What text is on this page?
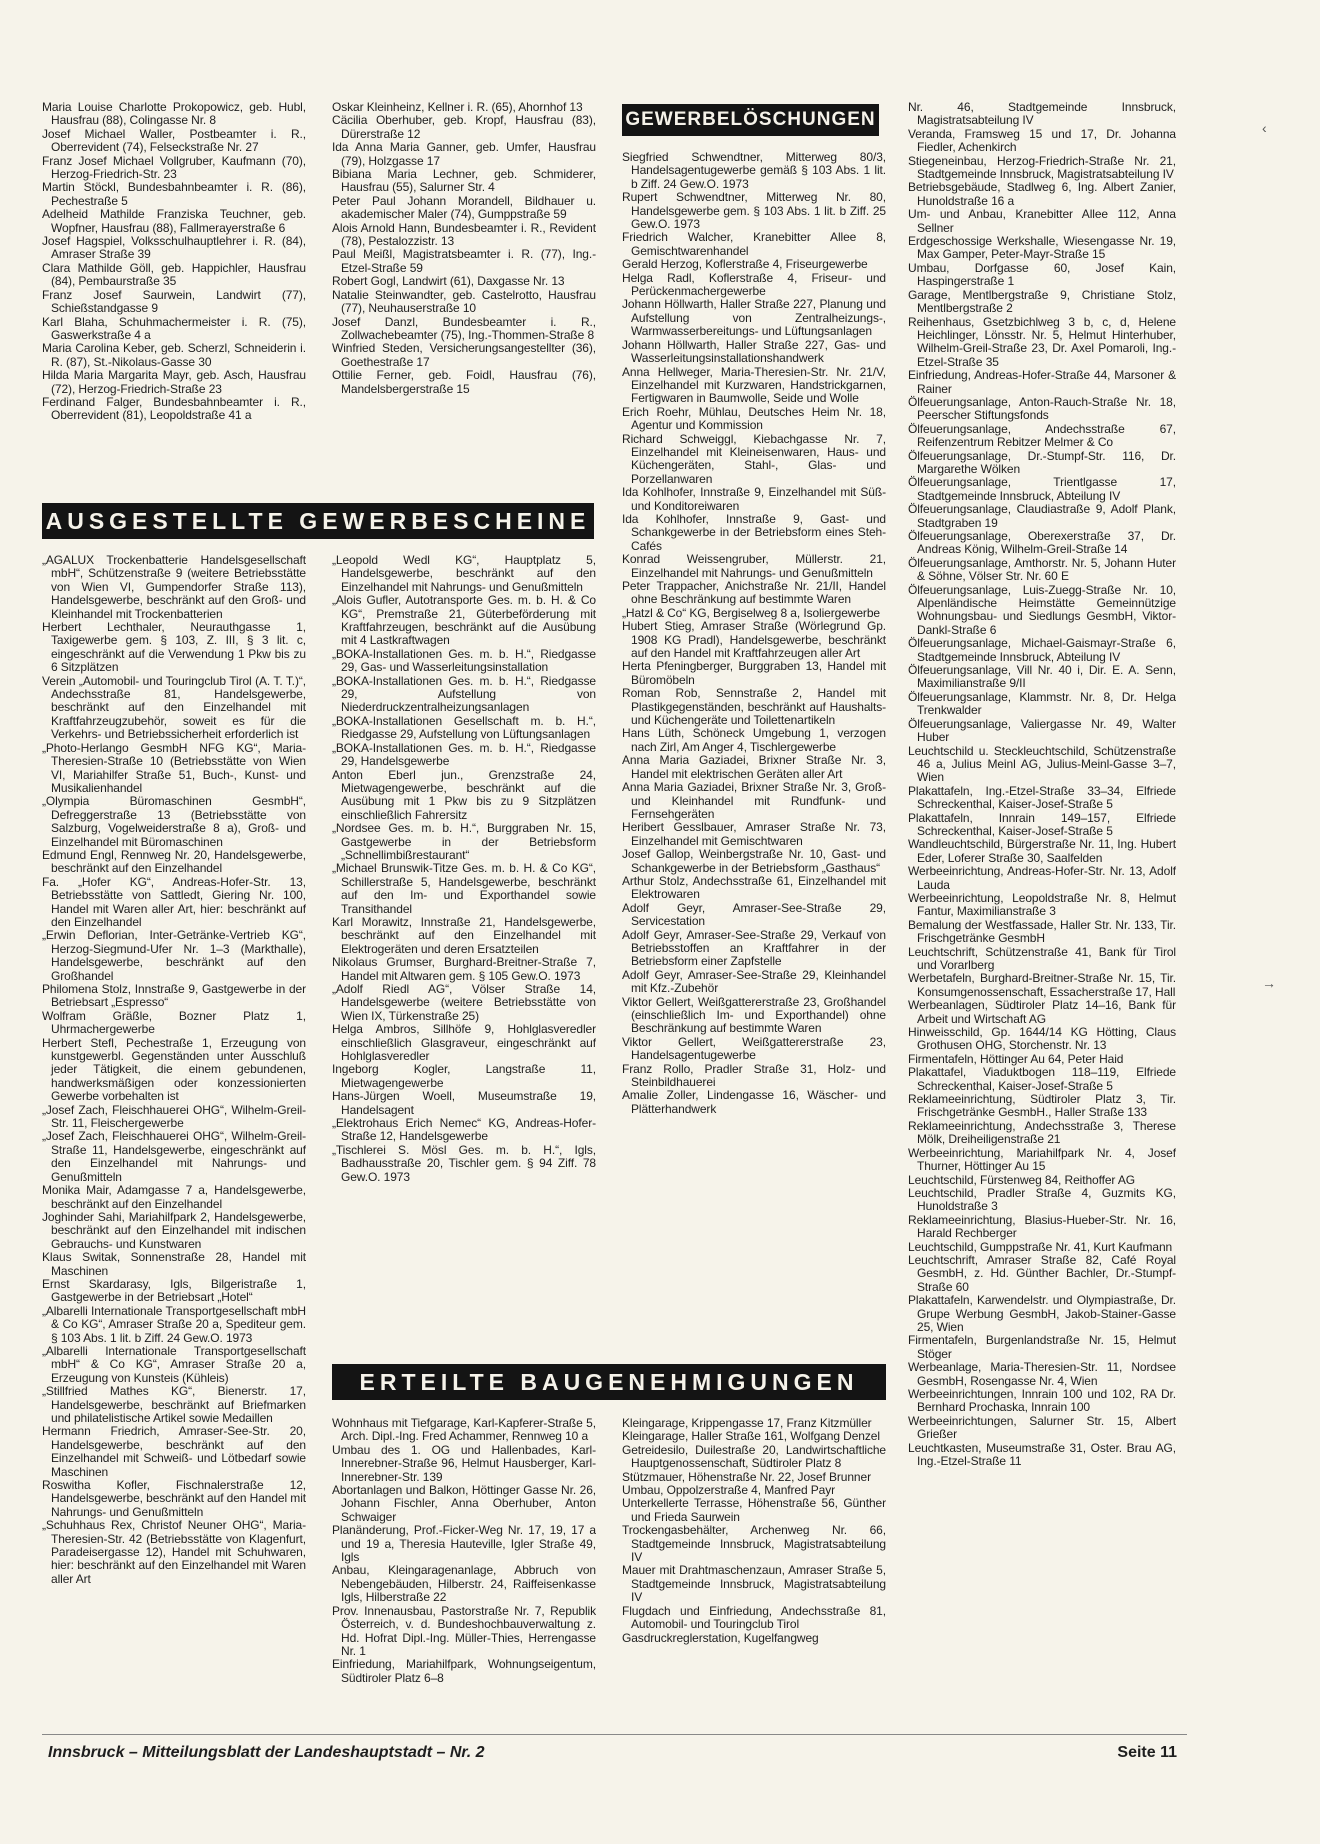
Maria Louise Charlotte Prokopowicz, geb. Hubl, Hausfrau (88), Colingasse Nr. 8

Josef Michael Waller, Postbeamter i. R., Oberrevident (74), Felseckstraße Nr. 27

Franz Josef Michael Vollgruber, Kaufmann (70), Herzog-Friedrich-Str. 23

Martin Stöckl, Bundesbahnbeamter i. R. (86), Pechestraße 5

Adelheid Mathilde Franziska Teuchner, geb. Wopfner, Hausfrau (88), Fallmerayerstraße 6

Josef Hagspiel, Volksschulhauptlehrer i. R. (84), Amraser Straße 39

Clara Mathilde Göll, geb. Happichler, Hausfrau (84), Pembaurstraße 35

Franz Josef Saurwein, Landwirt (77), Schießstandgasse 9

Karl Blaha, Schuhmachermeister i. R. (75), Gaswerkstraße 4 a

Maria Carolina Keber, geb. Scherzl, Schneiderin i. R. (87), St.-Nikolaus-Gasse 30

Hilda Maria Margarita Mayr, geb. Asch, Hausfrau (72), Herzog-Friedrich-Straße 23

Ferdinand Falger, Bundesbahnbeamter i. R., Oberrevident (81), Leopoldstraße 41 a

Oskar Kleinheinz, Kellner i. R. (65), Ahornhof 13

Cäcilia Oberhuber, geb. Kropf, Hausfrau (83), Dürerstraße 12

Ida Anna Maria Ganner, geb. Umfer, Hausfrau (79), Holzgasse 17

Bibiana Maria Lechner, geb. Schmiderer, Hausfrau (55), Salurner Str. 4

Peter Paul Johann Morandell, Bildhauer u. akademischer Maler (74), Gumppstraße 59

Alois Arnold Hann, Bundesbeamter i. R., Revident (78), Pestalozzistr. 13

Paul Meißl, Magistratsbeamter i. R. (77), Ing.-Etzel-Straße 59

Robert Gogl, Landwirt (61), Daxgasse Nr. 13

Natalie Steinwandter, geb. Castelrotto, Hausfrau (77), Neuhauserstraße 10

Josef Danzl, Bundesbeamter i. R., Zollwachebeamter (75), Ing.-Thommen-Straße 8

Winfried Steden, Versicherungsangestellter (36), Goethestraße 17

Ottilie Ferner, geb. Foidl, Hausfrau (76), Mandelsbergerstraße 15

GEWERBELÖSCHUNGEN

Siegfried Schwendtner, Mitterweg 80/3, Handelsagentugewerbe gemäß § 103 Abs. 1 lit. b Ziff. 24 Gew.O. 1973

Rupert Schwendtner, Mitterweg Nr. 80, Handelsgewerbe gem. § 103 Abs. 1 lit. b Ziff. 25 Gew.O. 1973

Friedrich Walcher, Kranebitter Allee 8, Gemischtwarenhandel

Gerald Herzog, Koflerstraße 4, Friseurgewerbe

Helga Radl, Koflerstraße 4, Friseur- und Perückenmachergewerbe

Johann Höllwarth, Haller Straße 227, Planung und Aufstellung von Zentralheizungs-, Warmwasserbereitungs- und Lüftungsanlagen

Johann Höllwarth, Haller Straße 227, Gas- und Wasserleitungsinstallationshandwerk

Anna Hellweger, Maria-Theresien-Str. Nr. 21/V, Einzelhandel mit Kurzwaren, Handstrickgarnen, Fertigwaren in Baumwolle, Seide und Wolle

Erich Roehr, Mühlau, Deutsches Heim Nr. 18, Agentur und Kommission

Richard Schweiggl, Kiebachgasse Nr. 7, Einzelhandel mit Kleineisenwaren, Haus- und Küchengeräten, Stahl-, Glas- und Porzellanwaren

Ida Kohlhofer, Innstraße 9, Einzelhandel mit Süß- und Konditoreiwaren

Ida Kohlhofer, Innstraße 9, Gast- und Schankgewerbe in der Betriebsform eines Steh-Cafés

Konrad Weissengruber, Müllerstr. 21, Einzelhandel mit Nahrungs- und Genußmitteln

Peter Trappacher, Anichstraße Nr. 21/II, Handel ohne Beschränkung auf bestimmte Waren

„Hatzl & Co“ KG, Bergiselweg 8 a, Isoliergewerbe

Hubert Stieg, Amraser Straße (Wörlegrund Gp. 1908 KG Pradl), Handelsgewerbe, beschränkt auf den Handel mit Kraftfahrzeugen aller Art

Herta Pfeningberger, Burggraben 13, Handel mit Büromöbeln

Roman Rob, Sennstraße 2, Handel mit Plastikgegenständen, beschränkt auf Haushalts- und Küchengeräte und Toilettenartikeln

Hans Lüth, Schöneck Umgebung 1, verzogen nach Zirl, Am Anger 4, Tischlergewerbe

Anna Maria Gaziadei, Brixner Straße Nr. 3, Handel mit elektrischen Geräten aller Art

Anna Maria Gaziadei, Brixner Straße Nr. 3, Groß- und Kleinhandel mit Rundfunk- und Fernsehgeräten

Heribert Gesslbauer, Amraser Straße Nr. 73, Einzelhandel mit Gemischtwaren

Josef Gallop, Weinbergstraße Nr. 10, Gast- und Schankgewerbe in der Betriebsform „Gasthaus“

Arthur Stolz, Andechsstraße 61, Einzelhandel mit Elektrowaren

Adolf Geyr, Amraser-See-Straße 29, Servicestation

Adolf Geyr, Amraser-See-Straße 29, Verkauf von Betriebsstoffen an Kraftfahrer in der Betriebsform einer Zapfstelle

Adolf Geyr, Amraser-See-Straße 29, Kleinhandel mit Kfz.-Zubehör

Viktor Gellert, Weißgattererstraße 23, Großhandel (einschließlich Im- und Exporthandel) ohne Beschränkung auf bestimmte Waren

Viktor Gellert, Weißgattererstraße 23, Handelsagentugewerbe

Franz Rollo, Pradler Straße 31, Holz- und Steinbildhauerei

Amalie Zoller, Lindengasse 16, Wäscher- und Plätterhandwerk

Nr. 46, Stadtgemeinde Innsbruck, Magistratsabteilung IV

Veranda, Framsweg 15 und 17, Dr. Johanna Fiedler, Achenkirch

Stiegeneinbau, Herzog-Friedrich-Straße Nr. 21, Stadtgemeinde Innsbruck, Magistratsabteilung IV

Betriebsgebäude, Stadlweg 6, Ing. Albert Zanier, Hunoldstraße 16 a

Um- und Anbau, Kranebitter Allee 112, Anna Sellner

Erdgeschossige Werkshalle, Wiesengasse Nr. 19, Max Gamper, Peter-Mayr-Straße 15

Umbau, Dorfgasse 60, Josef Kain, Haspingerstraße 1

Garage, Mentlbergstraße 9, Christiane Stolz, Mentlbergstraße 2

Reihenhaus, Gsetzbichlweg 3 b, c, d, Helene Heichlinger, Lönsstr. Nr. 5, Helmut Hinterhuber, Wilhelm-Greil-Straße 23, Dr. Axel Pomaroli, Ing.-Etzel-Straße 35

Einfriedung, Andreas-Hofer-Straße 44, Marsoner & Rainer

Ölfeuerungsanlage, Anton-Rauch-Straße Nr. 18, Peerscher Stiftungsfonds

Ölfeuerungsanlage, Andechsstraße 67, Reifenzentrum Rebitzer Melmer & Co

Ölfeuerungsanlage, Dr.-Stumpf-Str. 116, Dr. Margarethe Wölken

Ölfeuerungsanlage, Trientlgasse 17, Stadtgemeinde Innsbruck, Abteilung IV

Ölfeuerungsanlage, Claudiastraße 9, Adolf Plank, Stadtgraben 19

Ölfeuerungsanlage, Oberexerstraße 37, Dr. Andreas König, Wilhelm-Greil-Straße 14

Ölfeuerungsanlage, Amthorstr. Nr. 5, Johann Huter & Söhne, Völser Str. Nr. 60 E

Ölfeuerungsanlage, Luis-Zuegg-Straße Nr. 10, Alpenländische Heimstätte Gemeinnützige Wohnungsbau- und Siedlungs GesmbH, Viktor-Dankl-Straße 6

Ölfeuerungsanlage, Michael-Gaismayr-Straße 6, Stadtgemeinde Innsbruck, Abteilung IV

Ölfeuerungsanlage, Vill Nr. 40 i, Dir. E. A. Senn, Maximilianstraße 9/II

Ölfeuerungsanlage, Klammstr. Nr. 8, Dr. Helga Trenkwalder

Ölfeuerungsanlage, Valiergasse Nr. 49, Walter Huber

Leuchtschild u. Steckleuchtschild, Schützenstraße 46 a, Julius Meinl AG, Julius-Meinl-Gasse 3–7, Wien

Plakattafeln, Ing.-Etzel-Straße 33–34, Elfriede Schreckenthal, Kaiser-Josef-Straße 5

Plakattafeln, Innrain 149–157, Elfriede Schreckenthal, Kaiser-Josef-Straße 5

Wandleuchtschild, Bürgerstraße Nr. 11, Ing. Hubert Eder, Loferer Straße 30, Saalfelden

Werbeeinrichtung, Andreas-Hofer-Str. Nr. 13, Adolf Lauda

Werbeeinrichtung, Leopoldstraße Nr. 8, Helmut Fantur, Maximilianstraße 3

Bemalung der Westfassade, Haller Str. Nr. 133, Tir. Frischgetränke GesmbH

Leuchtschrift, Schützenstraße 41, Bank für Tirol und Vorarlberg

Werbetafeln, Burghard-Breitner-Straße Nr. 15, Tir. Konsumgenossenschaft, Essacherstraße 17, Hall

Werbeanlagen, Südtiroler Platz 14–16, Bank für Arbeit und Wirtschaft AG

Hinweisschild, Gp. 1644/14 KG Hötting, Claus Grothusen OHG, Storchenstr. Nr. 13

Firmentafeln, Höttinger Au 64, Peter Haid

Plakattafel, Viaduktbogen 118–119, Elfriede Schreckenthal, Kaiser-Josef-Straße 5

Reklameeinrichtung, Südtiroler Platz 3, Tir. Frischgetränke GesmbH., Haller Straße 133

Reklameeinrichtung, Andechsstraße 3, Therese Mölk, Dreiheiligenstraße 21

Werbeeinrichtung, Mariahilfpark Nr. 4, Josef Thurner, Höttinger Au 15

Leuchtschild, Fürstenweg 84, Reithoffer AG

Leuchtschild, Pradler Straße 4, Guzmits KG, Hunoldstraße 3

Reklameeinrichtung, Blasius-Hueber-Str. Nr. 16, Harald Rechberger

Leuchtschild, Gumppstraße Nr. 41, Kurt Kaufmann

Leuchtschrift, Amraser Straße 82, Café Royal GesmbH, z. Hd. Günther Bachler, Dr.-Stumpf-Straße 60

Plakattafeln, Karwendelstr. und Olympiastraße, Dr. Grupe Werbung GesmbH, Jakob-Stainer-Gasse 25, Wien

Firmentafeln, Burgenlandstraße Nr. 15, Helmut Stöger

Werbeanlage, Maria-Theresien-Str. 11, Nordsee GesmbH, Rosengasse Nr. 4, Wien

Werbeeinrichtungen, Innrain 100 und 102, RA Dr. Bernhard Prochaska, Innrain 100

Werbeeinrichtungen, Salurner Str. 15, Albert Grießer

Leuchtkasten, Museumstraße 31, Oster. Brau AG, Ing.-Etzel-Straße 11

AUSGESTELLTE GEWERBESCHEINE

„AGALUX Trockenbatterie Handelsgesellschaft mbH“, Schützenstraße 9 (weitere Betriebsstätte von Wien VI, Gumpendorfer Straße 113), Handelsgewerbe, beschränkt auf den Groß- und Kleinhandel mit Trockenbatterien

Herbert Lechthaler, Neurauthgasse 1, Taxigewerbe gem. § 103, Z. III, § 3 lit. c, eingeschränkt auf die Verwendung 1 Pkw bis zu 6 Sitzplätzen

Verein „Automobil- und Touringclub Tirol (A. T. T.)“, Andechsstraße 81, Handelsgewerbe, beschränkt auf den Einzelhandel mit Kraftfahrzeugzubehör, soweit es für die Verkehrs- und Betriebssicherheit erforderlich ist

„Photo-Herlango GesmbH NFG KG“, Maria-Theresien-Straße 10 (Betriebsstätte von Wien VI, Mariahilfer Straße 51, Buch-, Kunst- und Musikalienhandel

„Olympia Büromaschinen GesmbH“, Defreggerstraße 13 (Betriebsstätte von Salzburg, Vogelweiderstraße 8 a), Groß- und Einzelhandel mit Büromaschinen

Edmund Engl, Rennweg Nr. 20, Handelsgewerbe, beschränkt auf den Einzelhandel

Fa. „Hofer KG“, Andreas-Hofer-Str. 13, Betriebsstätte von Sattledt, Giering Nr. 100, Handel mit Waren aller Art, hier: beschränkt auf den Einzelhandel

„Erwin Deflorian, Inter-Getränke-Vertrieb KG“, Herzog-Siegmund-Ufer Nr. 1–3 (Markthalle), Handelsgewerbe, beschränkt auf den Großhandel

Philomena Stolz, Innstraße 9, Gastgewerbe in der Betriebsart „Espresso“

Wolfram Gräßle, Bozner Platz 1, Uhrmachergewerbe

Herbert Stefl, Pechestraße 1, Erzeugung von kunstgewerbl. Gegenständen unter Ausschluß jeder Tätigkeit, die einem gebundenen, handwerksmäßigen oder konzessionierten Gewerbe vorbehalten ist

„Josef Zach, Fleischhauerei OHG“, Wilhelm-Greil-Str. 11, Fleischergewerbe

„Josef Zach, Fleischhauerei OHG“, Wilhelm-Greil-Straße 11, Handelsgewerbe, eingeschränkt auf den Einzelhandel mit Nahrungs- und Genußmitteln

Monika Mair, Adamgasse 7 a, Handelsgewerbe, beschränkt auf den Einzelhandel

Joghinder Sahi, Mariahilfpark 2, Handelsgewerbe, beschränkt auf den Einzelhandel mit indischen Gebrauchs- und Kunstwaren

Klaus Switak, Sonnenstraße 28, Handel mit Maschinen

Ernst Skardarasy, Igls, Bilgeristraße 1, Gastgewerbe in der Betriebsart „Hotel“

„Albarelli Internationale Transportgesellschaft mbH & Co KG“, Amraser Straße 20 a, Spediteur gem. § 103 Abs. 1 lit. b Ziff. 24 Gew.O. 1973

„Albarelli Internationale Transportgesellschaft mbH“ & Co KG“, Amraser Straße 20 a, Erzeugung von Kunsteis (Kühleis)

„Stillfried Mathes KG“, Bienerstr. 17, Handelsgewerbe, beschränkt auf Briefmarken und philatelistische Artikel sowie Medaillen

Hermann Friedrich, Amraser-See-Str. 20, Handelsgewerbe, beschränkt auf den Einzelhandel mit Schweiß- und Lötbedarf sowie Maschinen

Roswitha Kofler, Fischnalerstraße 12, Handelsgewerbe, beschränkt auf den Handel mit Nahrungs- und Genußmitteln

„Schuhhaus Rex, Christof Neuner OHG“, Maria-Theresien-Str. 42 (Betriebsstätte von Klagenfurt, Paradeisergasse 12), Handel mit Schuhwaren, hier: beschränkt auf den Einzelhandel mit Waren aller Art

„Leopold Wedl KG“, Hauptplatz 5, Handelsgewerbe, beschränkt auf den Einzelhandel mit Nahrungs- und Genußmitteln

„Alois Gufler, Autotransporte Ges. m. b. H. & Co KG“, Premstraße 21, Güterbeförderung mit Kraftfahrzeugen, beschränkt auf die Ausübung mit 4 Lastkraftwagen

„BOKA-Installationen Ges. m. b. H.“, Riedgasse 29, Gas- und Wasserleitungsinstallation

„BOKA-Installationen Ges. m. b. H.“, Riedgasse 29, Aufstellung von Niederdruckzentralheizungsanlagen

„BOKA-Installationen Gesellschaft m. b. H.“, Riedgasse 29, Aufstellung von Lüftungsanlagen

„BOKA-Installationen Ges. m. b. H.“, Riedgasse 29, Handelsgewerbe

Anton Eberl jun., Grenzstraße 24, Mietwagengewerbe, beschränkt auf die Ausübung mit 1 Pkw bis zu 9 Sitzplätzen einschließlich Fahrersitz

„Nordsee Ges. m. b. H.“, Burggraben Nr. 15, Gastgewerbe in der Betriebsform „Schnellimbißrestaurant“

„Michael Brunswik-Titze Ges. m. b. H. & Co KG“, Schillerstraße 5, Handelsgewerbe, beschränkt auf den Im- und Exporthandel sowie Transithandel

Karl Morawitz, Innstraße 21, Handelsgewerbe, beschränkt auf den Einzelhandel mit Elektrogeräten und deren Ersatzteilen

Nikolaus Grumser, Burghard-Breitner-Straße 7, Handel mit Altwaren gem. § 105 Gew.O. 1973

„Adolf Riedl AG“, Völser Straße 14, Handelsgewerbe (weitere Betriebsstätte von Wien IX, Türkenstraße 25)

Helga Ambros, Sillhöfe 9, Hohlglasveredler einschließlich Glasgraveur, eingeschränkt auf Hohlglasveredler

Ingeborg Kogler, Langstraße 11, Mietwagengewerbe

Hans-Jürgen Woell, Museumstraße 19, Handelsagent

„Elektrohaus Erich Nemec“ KG, Andreas-Hofer-Straße 12, Handelsgewerbe

„Tischlerei S. Mösl Ges. m. b. H.“, Igls, Badhausstraße 20, Tischler gem. § 94 Ziff. 78 Gew.O. 1973

ERTEILTE BAUGENEHMIGUNGEN

Wohnhaus mit Tiefgarage, Karl-Kapferer-Straße 5, Arch. Dipl.-Ing. Fred Achammer, Rennweg 10 a

Umbau des 1. OG und Hallenbades, Karl-Innerebner-Straße 96, Helmut Hausberger, Karl-Innerebner-Str. 139

Abortanlagen und Balkon, Höttinger Gasse Nr. 26, Johann Fischler, Anna Oberhuber, Anton Schwaiger

Planänderung, Prof.-Ficker-Weg Nr. 17, 19, 17 a und 19 a, Theresia Hauteville, Igler Straße 49, Igls

Anbau, Kleingaragenanlage, Abbruch von Nebengebäuden, Hilberstr. 24, Raiffeisenkasse Igls, Hilberstraße 22

Prov. Innenausbau, Pastorstraße Nr. 7, Republik Österreich, v. d. Bundeshochbauverwaltung z. Hd. Hofrat Dipl.-Ing. Müller-Thies, Herrengasse Nr. 1

Einfriedung, Mariahilfpark, Wohnungseigentum, Südtiroler Platz 6–8

Kleingarage, Krippengasse 17, Franz Kitzmüller

Kleingarage, Haller Straße 161, Wolfgang Denzel

Getreidesilo, Duilestraße 20, Landwirtschaftliche Hauptgenossenschaft, Südtiroler Platz 8

Stützmauer, Höhenstraße Nr. 22, Josef Brunner

Umbau, Oppolzerstraße 4, Manfred Payr

Unterkellerte Terrasse, Höhenstraße 56, Günther und Frieda Saurwein

Trockengasbehälter, Archenweg Nr. 66, Stadtgemeinde Innsbruck, Magistratsabteilung IV

Mauer mit Drahtmaschenzaun, Amraser Straße 5, Stadtgemeinde Innsbruck, Magistratsabteilung IV

Flugdach und Einfriedung, Andechsstraße 81, Automobil- und Touringclub Tirol

Gasdruckreglerstation, Kugelfangweg

Innsbruck – Mitteilungsblatt der Landeshauptstadt – Nr. 2	Seite 11
‹
→
